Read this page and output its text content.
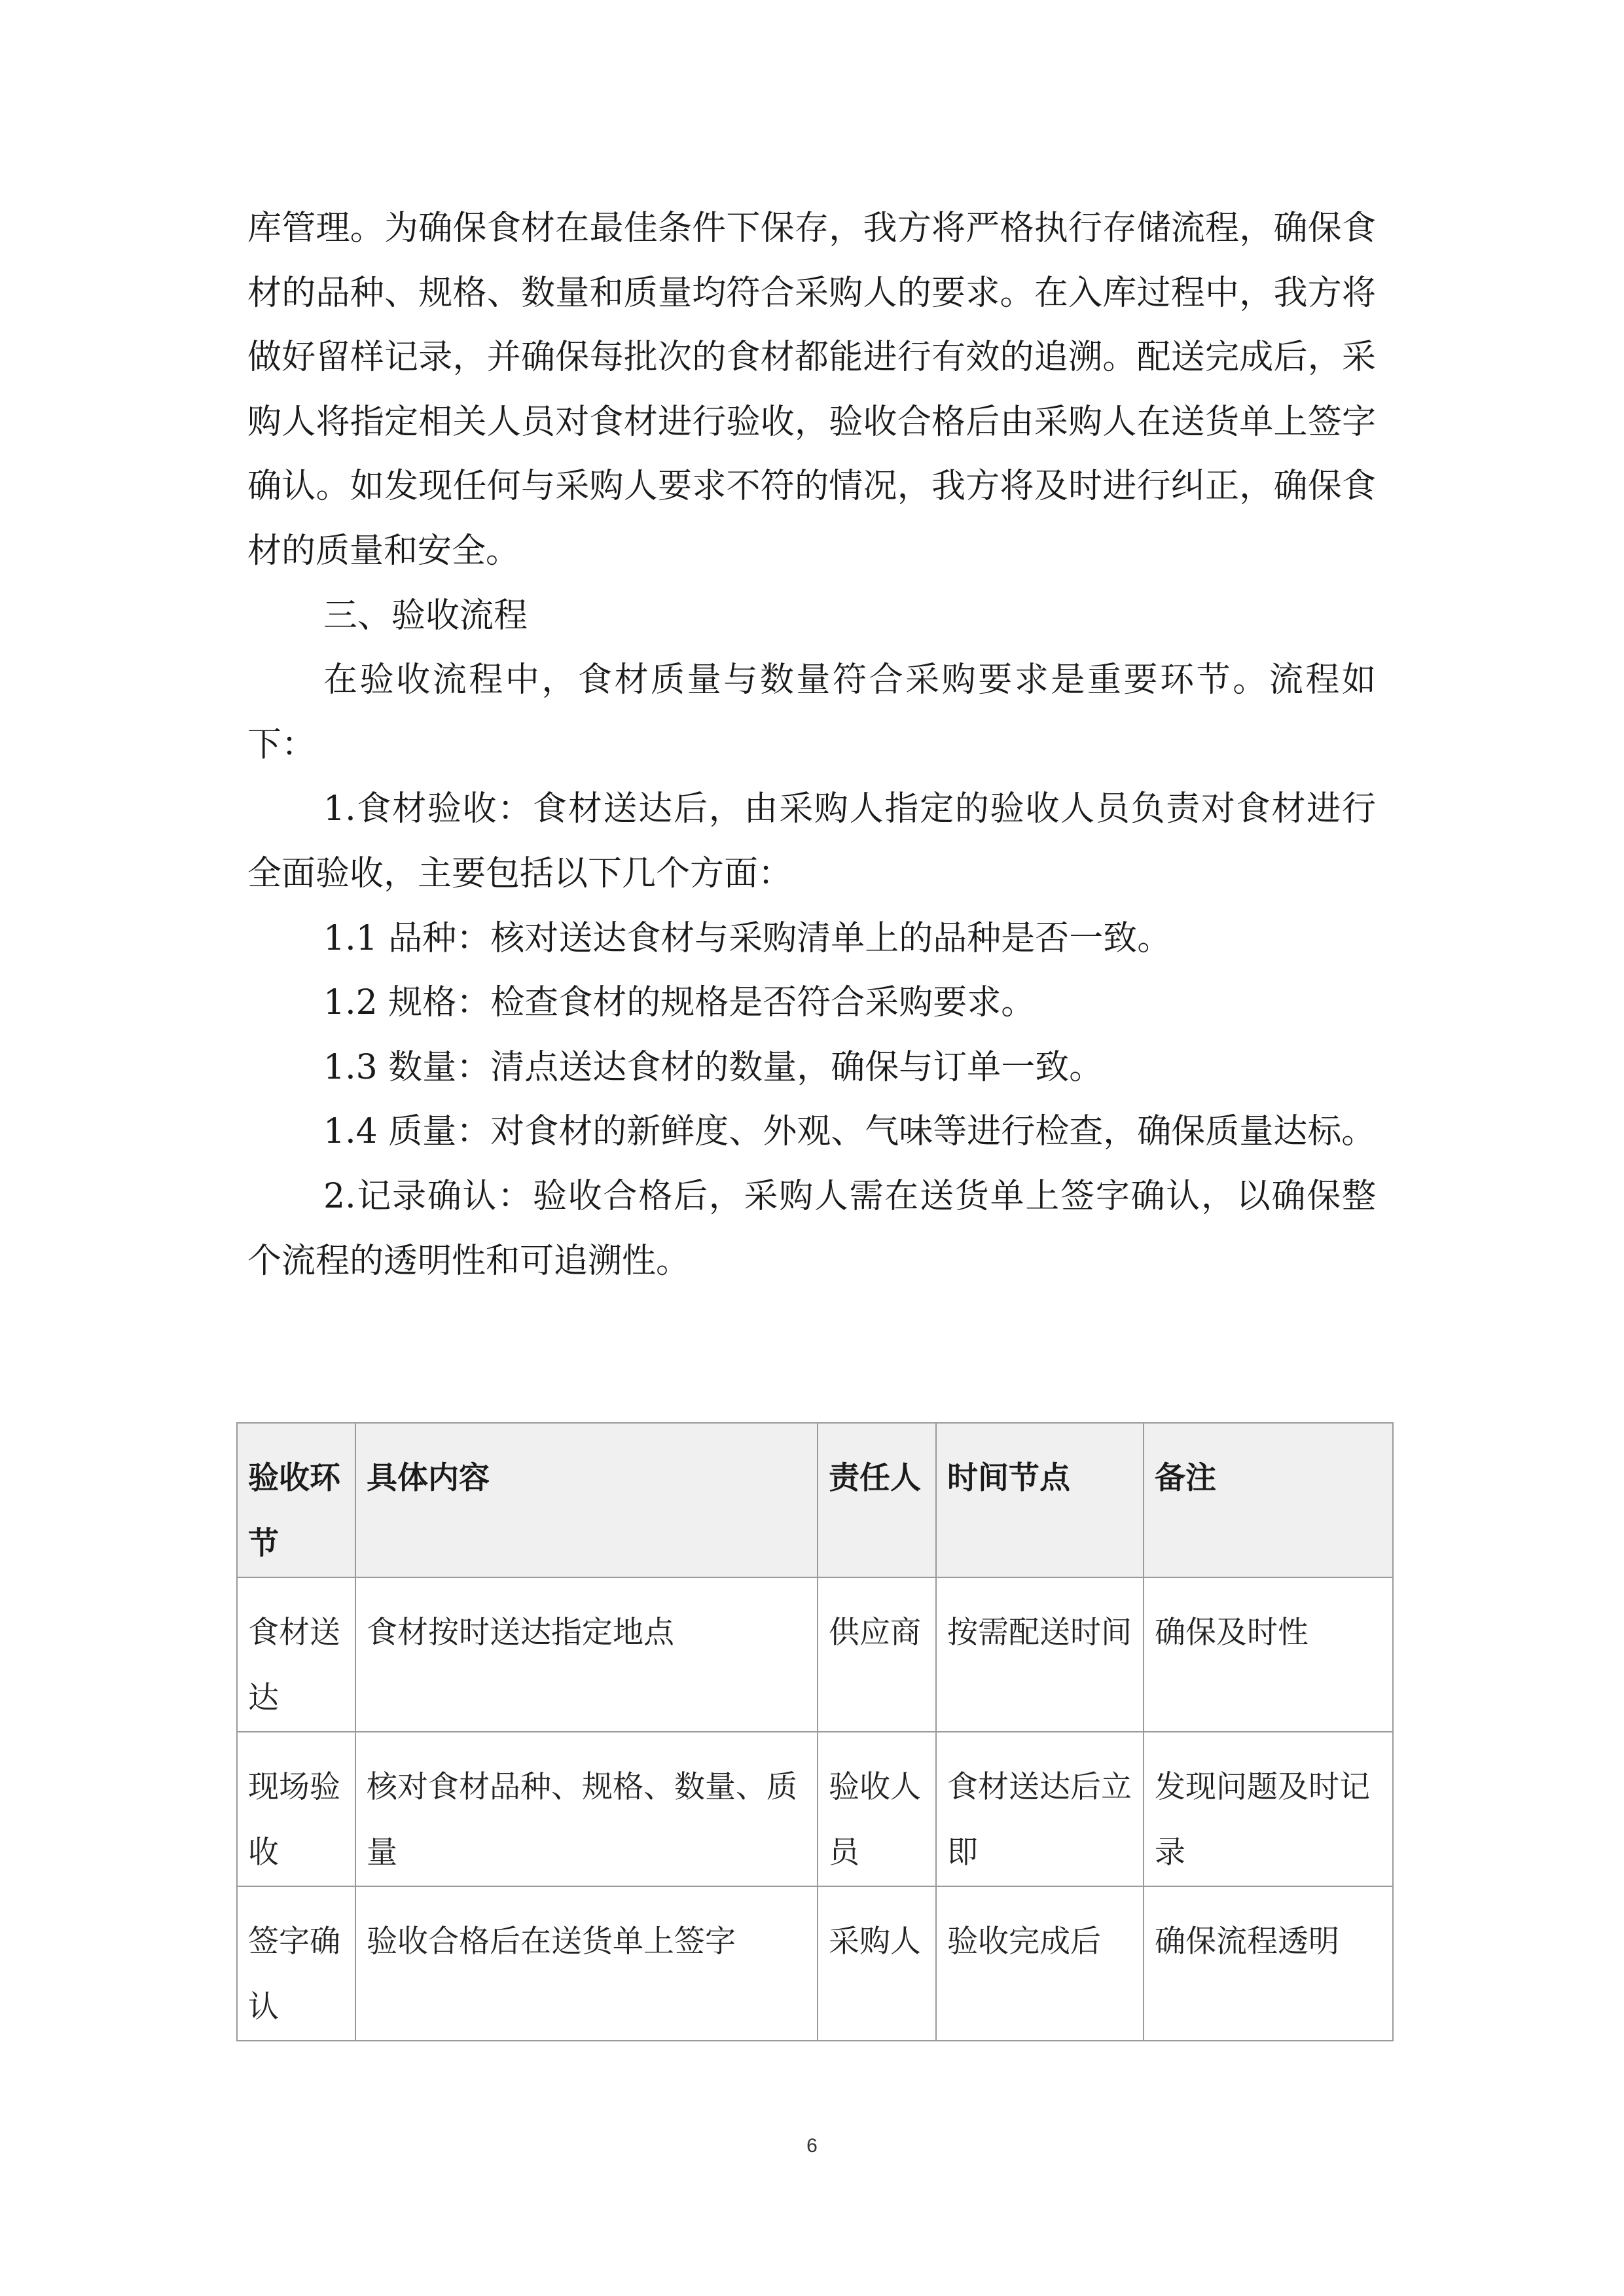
库管理。为确保食材在最佳条件下保存，我方将严格执行存储流程，确保食材的品种、规格、数量和质量均符合采购人的要求。在入库过程中，我方将做好留样记录，并确保每批次的食材都能进行有效的追溯。配送完成后，采购人将指定相关人员对食材进行验收，验收合格后由采购人在送货单上签字确认。如发现任何与采购人要求不符的情况，我方将及时进行纠正，确保食材的质量和安全。

三、验收流程

在验收流程中，食材质量与数量符合采购要求是重要环节。流程如下：

1.食材验收：食材送达后，由采购人指定的验收人员负责对食材进行全面验收，主要包括以下几个方面：

1.1 品种：核对送达食材与采购清单上的品种是否一致。

1.2 规格：检查食材的规格是否符合采购要求。

1.3 数量：清点送达食材的数量，确保与订单一致。

1.4 质量：对食材的新鲜度、外观、气味等进行检查，确保质量达标。

2.记录确认：验收合格后，采购人需在送货单上签字确认，以确保整个流程的透明性和可追溯性。

验收环节	具体内容	责任人	时间节点	备注
食材送达	食材按时送达指定地点	供应商	按需配送时间	确保及时性
现场验收	核对食材品种、规格、数量、质量	验收人员	食材送达后立即	发现问题及时记录
签字确认	验收合格后在送货单上签字	采购人	验收完成后	确保流程透明
6
